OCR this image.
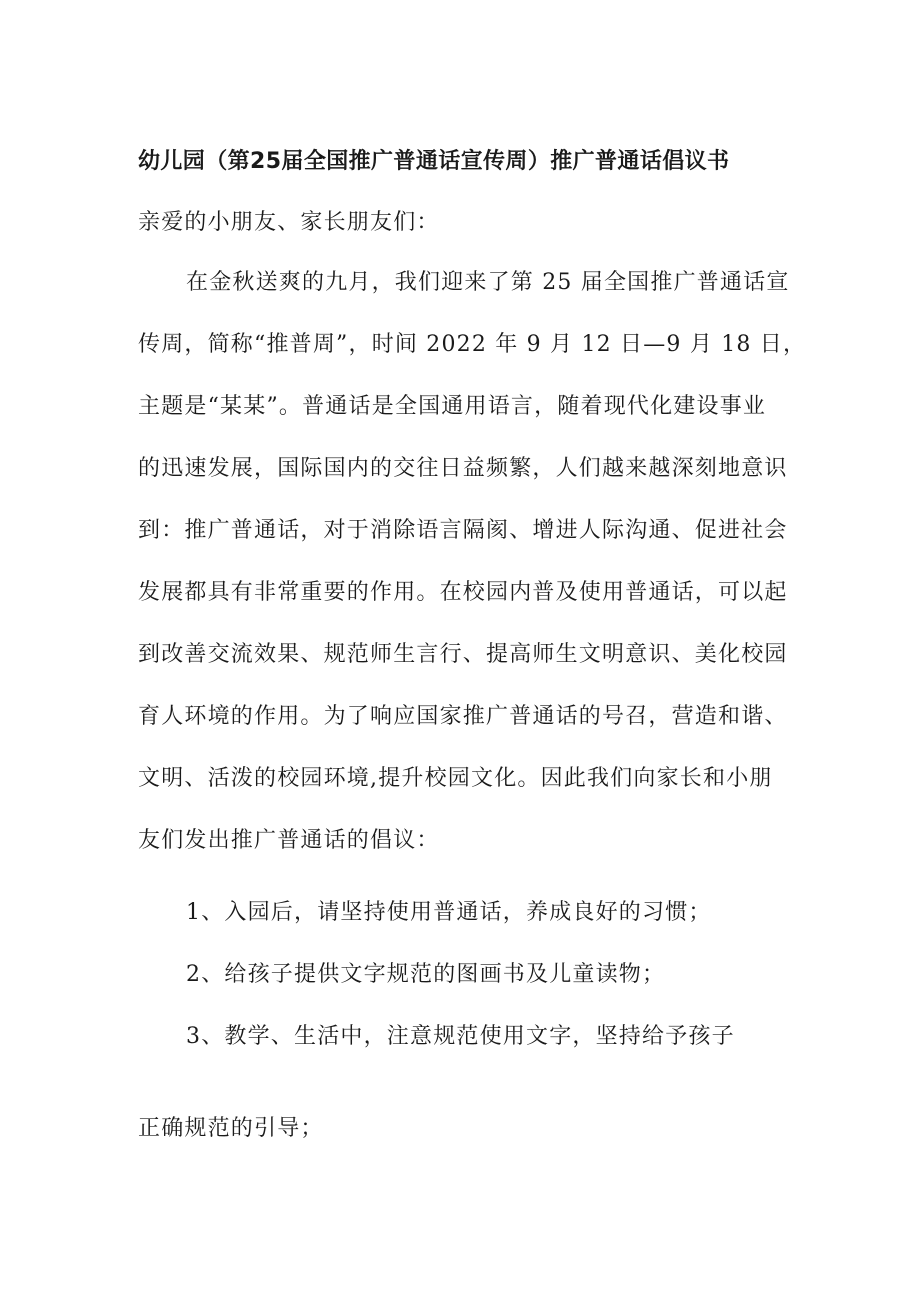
幼儿园（第25届全国推广普通话宣传周）推广普通话倡议书
亲爱的小朋友、家长朋友们：
在金秋送爽的九月，我们迎来了第 25 届全国推广普通话宣
传周，简称“推普周”，时间 2022 年 9 月 12 日—9 月 18 日，
主题是“某某”。普通话是全国通用语言，随着现代化建设事业
的迅速发展，国际国内的交往日益频繁，人们越来越深刻地意识
到：推广普通话，对于消除语言隔阂、增进人际沟通、促进社会
发展都具有非常重要的作用。在校园内普及使用普通话，可以起
到改善交流效果、规范师生言行、提高师生文明意识、美化校园
育人环境的作用。为了响应国家推广普通话的号召，营造和谐、
文明、活泼的校园环境,提升校园文化。因此我们向家长和小朋
友们发出推广普通话的倡议：
1、入园后，请坚持使用普通话，养成良好的习惯；
2、给孩子提供文字规范的图画书及儿童读物；
3、教学、生活中，注意规范使用文字，坚持给予孩子
正确规范的引导；
